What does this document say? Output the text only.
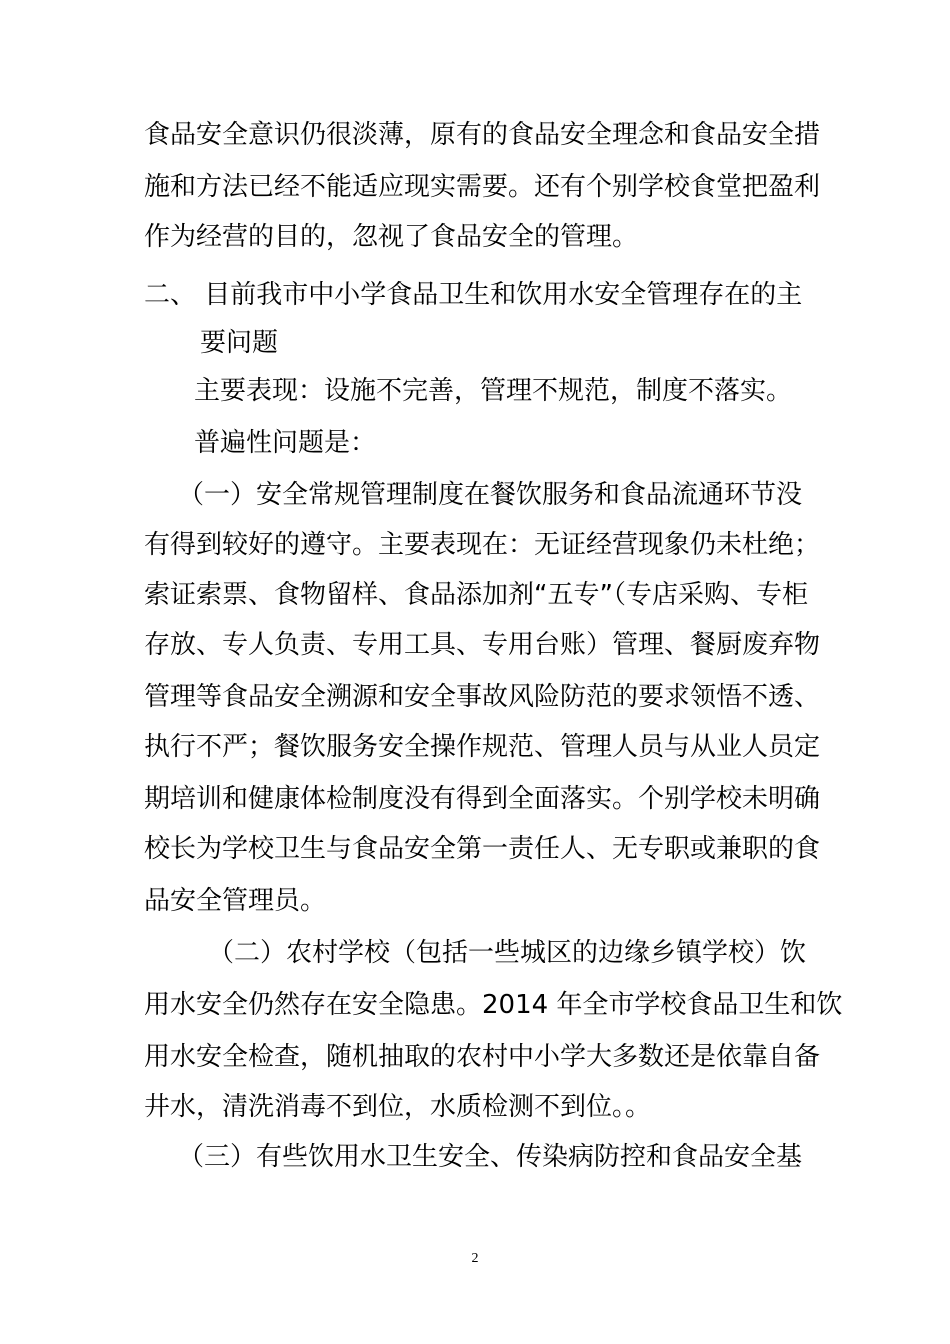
食品安全意识仍很淡薄，原有的食品安全理念和食品安全措
施和方法已经不能适应现实需要。还有个别学校食堂把盈利
作为经营的目的，忽视了食品安全的管理。
二、 目前我市中小学食品卫生和饮用水安全管理存在的主
要问题
主要表现：设施不完善，管理不规范，制度不落实。
普遍性问题是：
（一）安全常规管理制度在餐饮服务和食品流通环节没
有得到较好的遵守。主要表现在：无证经营现象仍未杜绝；
索证索票、食物留样、食品添加剂“五专”（专店采购、专柜
存放、专人负责、专用工具、专用台账）管理、餐厨废弃物
管理等食品安全溯源和安全事故风险防范的要求领悟不透、
执行不严；餐饮服务安全操作规范、管理人员与从业人员定
期培训和健康体检制度没有得到全面落实。个别学校未明确
校长为学校卫生与食品安全第一责任人、无专职或兼职的食
品安全管理员。
（二）农村学校（包括一些城区的边缘乡镇学校）饮
用水安全仍然存在安全隐患。2014 年全市学校食品卫生和饮
用水安全检查，随机抽取的农村中小学大多数还是依靠自备
井水，清洗消毒不到位，水质检测不到位。。
（三）有些饮用水卫生安全、传染病防控和食品安全基
2
